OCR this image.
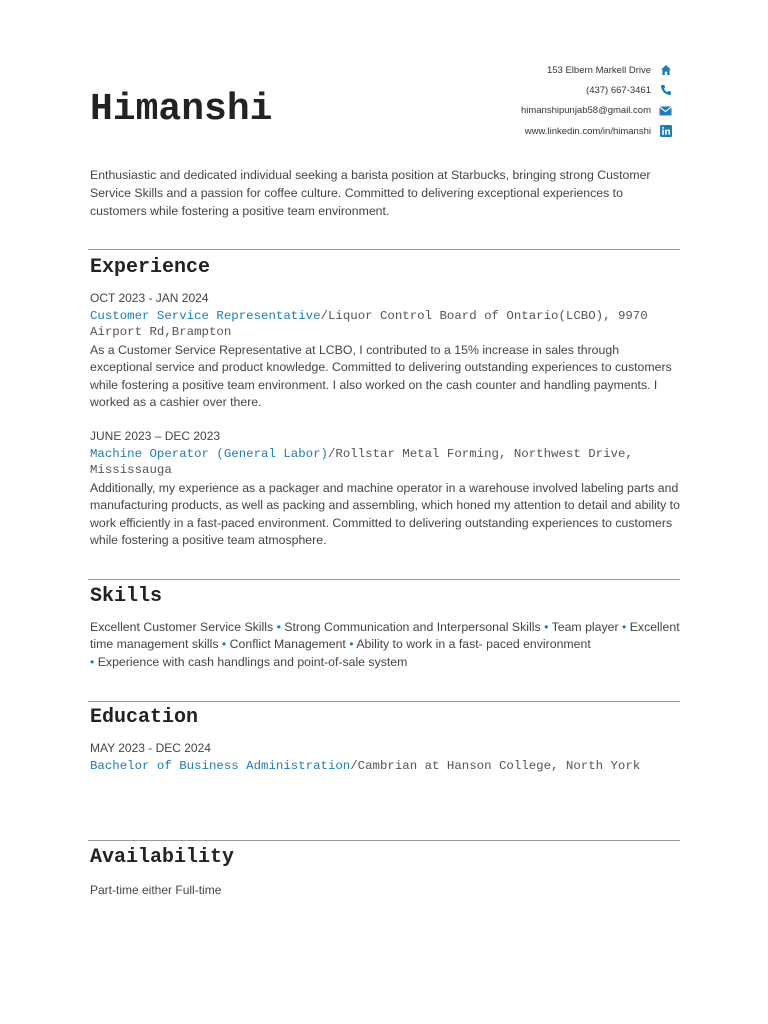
Himanshi
153 Elbern Markell Drive
(437) 667-3461
himanshipunjab58@gmail.com
www.linkedin.com/in/himanshi

Enthusiastic and dedicated individual seeking a barista position at Starbucks, bringing strong Customer Service Skills and a passion for coffee culture. Committed to delivering exceptional experiences to customers while fostering a positive team environment.

Experience

OCT 2023 - JAN 2024

Customer Service Representative/Liquor Control Board of Ontario(LCBO), 9970 Airport Rd,Brampton

As a Customer Service Representative at LCBO, I contributed to a 15% increase in sales through exceptional service and product knowledge. Committed to delivering outstanding experiences to customers while fostering a positive team environment. I also worked on the cash counter and handling payments. I worked as a cashier over there.

JUNE 2023 – DEC 2023

Machine Operator (General Labor)/Rollstar Metal Forming, Northwest Drive, Mississauga

Additionally, my experience as a packager and machine operator in a warehouse involved labeling parts and manufacturing products, as well as packing and assembling, which honed my attention to detail and ability to work efficiently in a fast-paced environment. Committed to delivering outstanding experiences to customers while fostering a positive team atmosphere.

Skills

Excellent Customer Service Skills • Strong Communication and Interpersonal Skills • Team player • Excellent time management skills • Conflict Management • Ability to work in a fast- paced environment
• Experience with cash handlings and point-of-sale system

Education

MAY 2023 - DEC 2024

Bachelor of Business Administration/Cambrian at Hanson College, North York

Availability

Part-time either Full-time
